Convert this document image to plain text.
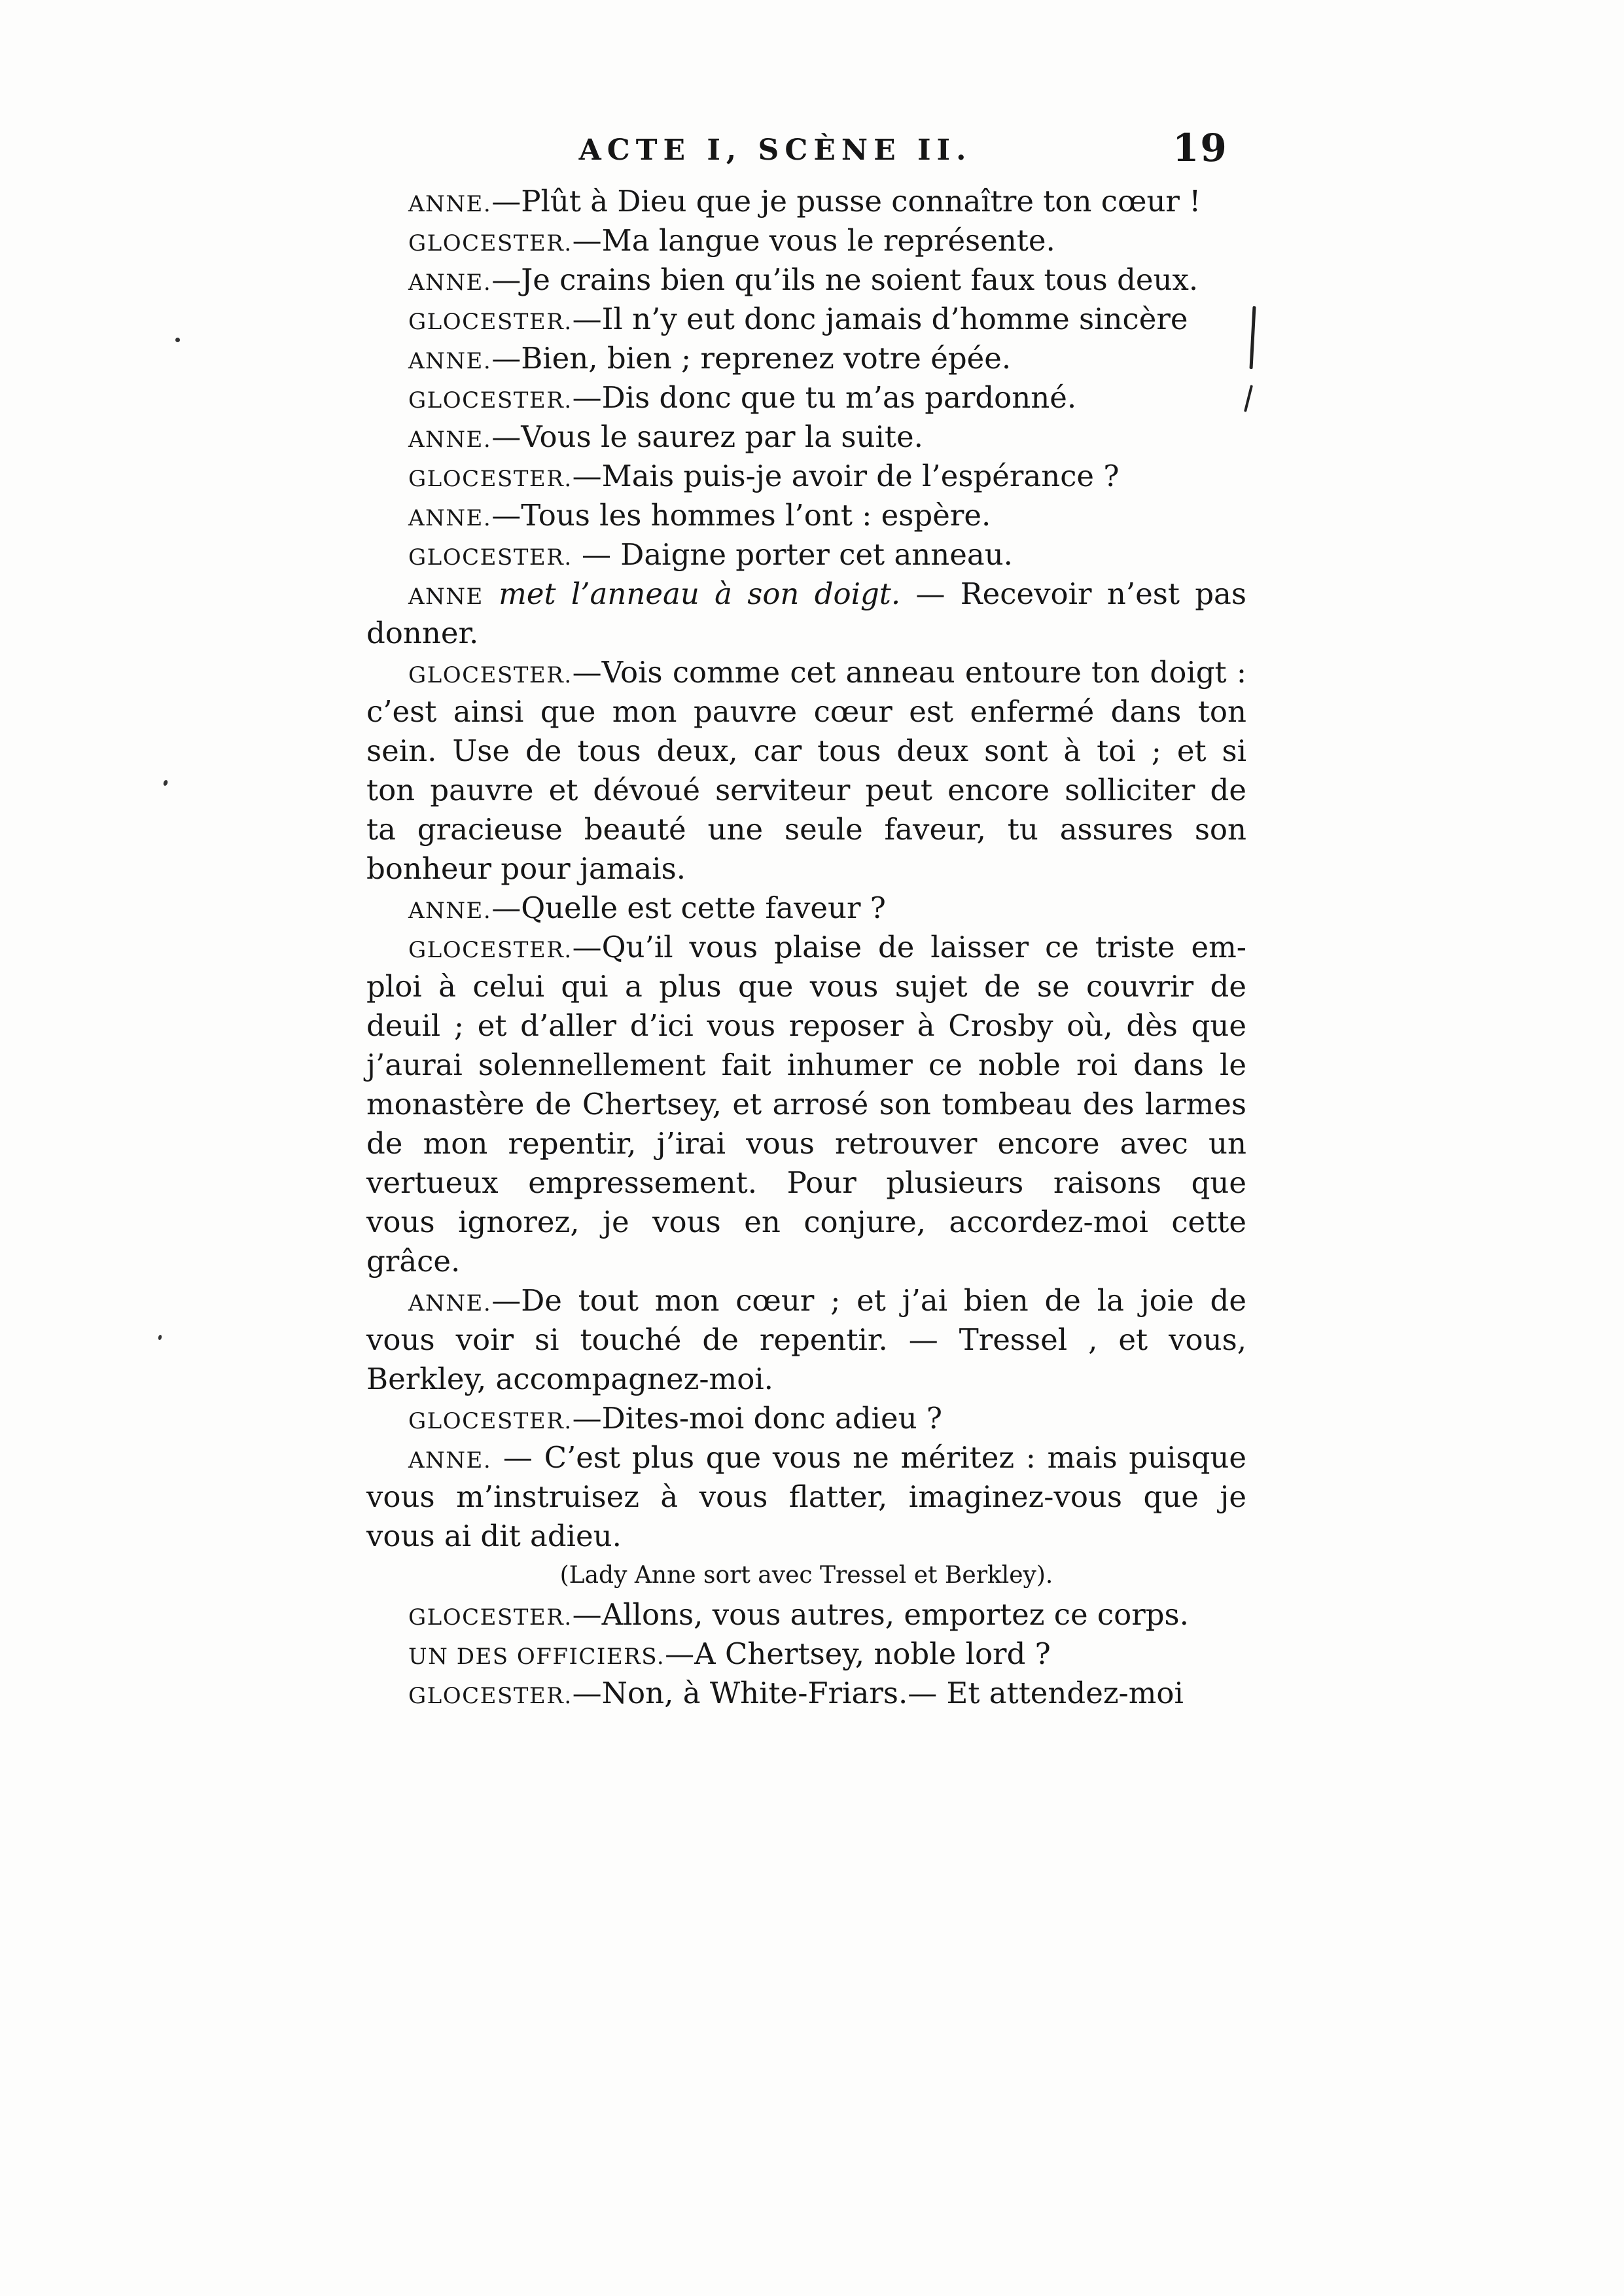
ACTE I, SCÈNE II.	19
ANNE.—Plût à Dieu que je pusse connaître ton cœur !
GLOCESTER.—Ma langue vous le représente.
ANNE.—Je crains bien qu’ils ne soient faux tous deux.
GLOCESTER.—Il n’y eut donc jamais d’homme sincère
ANNE.—Bien, bien ; reprenez votre épée.
GLOCESTER.—Dis donc que tu m’as pardonné.
ANNE.—Vous le saurez par la suite.
GLOCESTER.—Mais puis-je avoir de l’espérance ?
ANNE.—Tous les hommes l’ont : espère.
GLOCESTER. — Daigne porter cet anneau.
ANNE met l’anneau à son doigt. — Recevoir n’est pas
donner.
GLOCESTER.—Vois comme cet anneau entoure ton doigt :
c’est ainsi que mon pauvre cœur est enfermé dans ton
sein. Use de tous deux, car tous deux sont à toi ; et si
ton pauvre et dévoué serviteur peut encore solliciter de
ta gracieuse beauté une seule faveur, tu assures son
bonheur pour jamais.
ANNE.—Quelle est cette faveur ?
GLOCESTER.—Qu’il vous plaise de laisser ce triste em-
ploi à celui qui a plus que vous sujet de se couvrir de
deuil ; et d’aller d’ici vous reposer à Crosby où, dès que
j’aurai solennellement fait inhumer ce noble roi dans le
monastère de Chertsey, et arrosé son tombeau des larmes
de mon repentir, j’irai vous retrouver encore avec un
vertueux empressement. Pour plusieurs raisons que
vous ignorez, je vous en conjure, accordez-moi cette
grâce.
ANNE.—De tout mon cœur ; et j’ai bien de la joie de
vous voir si touché de repentir. — Tressel , et vous,
Berkley, accompagnez-moi.
GLOCESTER.—Dites-moi donc adieu ?
ANNE. — C’est plus que vous ne méritez : mais puisque
vous m’instruisez à vous flatter, imaginez-vous que je
vous ai dit adieu.
(Lady Anne sort avec Tressel et Berkley).
GLOCESTER.—Allons, vous autres, emportez ce corps.
UN DES OFFICIERS.—A Chertsey, noble lord ?
GLOCESTER.—Non, à White-Friars.— Et attendez-moi
